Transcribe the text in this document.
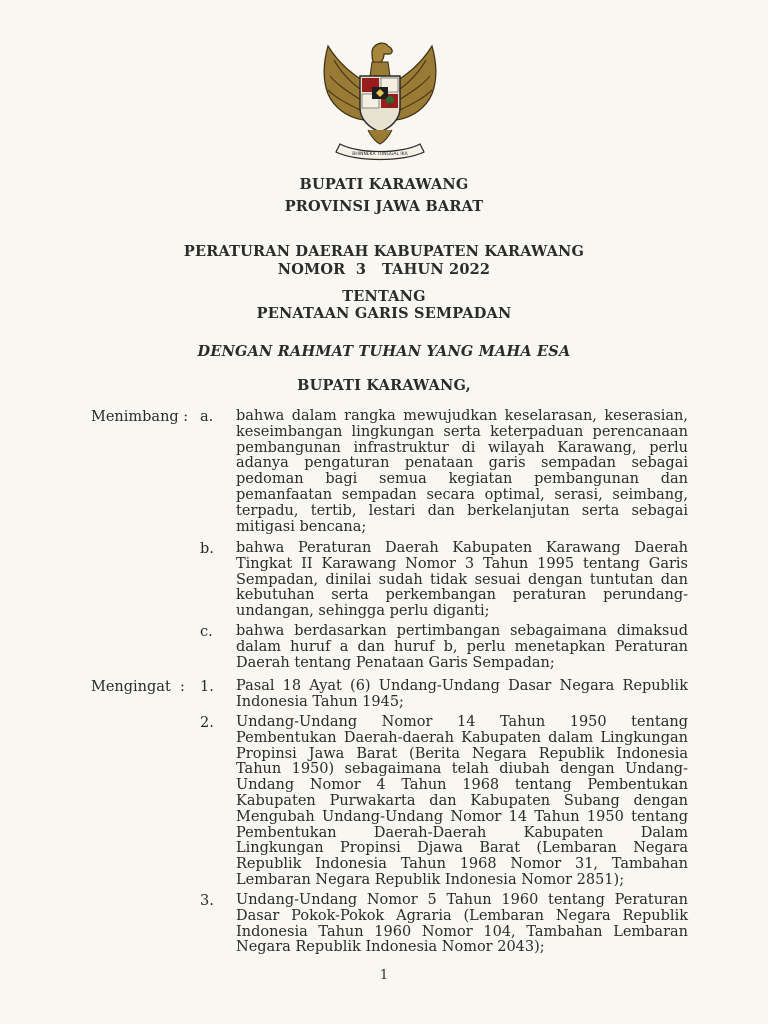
BHINNEKA TUNGGAL IKA
BUPATI KARAWANG
PROVINSI JAWA BARAT
PERATURAN DAERAH KABUPATEN KARAWANG
NOMOR  3   TAHUN 2022
TENTANG
PENATAAN GARIS SEMPADAN
DENGAN RAHMAT TUHAN YANG MAHA ESA
BUPATI KARAWANG,
Menimbang : a. bahwa dalam rangka mewujudkan keselarasan, keserasian,
keseimbangan lingkungan serta keterpaduan perencanaan
pembangunan infrastruktur di wilayah Karawang, perlu
adanya pengaturan penataan garis sempadan sebagai
pedoman bagi semua kegiatan pembangunan dan
pemanfaatan sempadan secara optimal, serasi, seimbang,
terpadu, tertib, lestari dan berkelanjutan serta sebagai
mitigasi bencana;
b. bahwa Peraturan Daerah Kabupaten Karawang Daerah
Tingkat II Karawang Nomor 3 Tahun 1995 tentang Garis
Sempadan, dinilai sudah tidak sesuai dengan tuntutan dan
kebutuhan serta perkembangan peraturan perundang-
undangan, sehingga perlu diganti;
c. bahwa berdasarkan pertimbangan sebagaimana dimaksud
dalam huruf a dan huruf b, perlu menetapkan Peraturan
Daerah tentang Penataan Garis Sempadan;
Mengingat  : 1. Pasal 18 Ayat (6) Undang-Undang Dasar Negara Republik
Indonesia Tahun 1945;
2. Undang-Undang Nomor 14 Tahun 1950 tentang
Pembentukan Daerah-daerah Kabupaten dalam Lingkungan
Propinsi Jawa Barat (Berita Negara Republik Indonesia
Tahun 1950) sebagaimana telah diubah dengan Undang-
Undang Nomor 4 Tahun 1968 tentang Pembentukan
Kabupaten Purwakarta dan Kabupaten Subang dengan
Mengubah Undang-Undang Nomor 14 Tahun 1950 tentang
Pembentukan Daerah-Daerah Kabupaten Dalam
Lingkungan Propinsi Djawa Barat (Lembaran Negara
Republik Indonesia Tahun 1968 Nomor 31, Tambahan
Lembaran Negara Republik Indonesia Nomor 2851);
3. Undang-Undang Nomor 5 Tahun 1960 tentang Peraturan
Dasar Pokok-Pokok Agraria (Lembaran Negara Republik
Indonesia Tahun 1960 Nomor 104, Tambahan Lembaran
Negara Republik Indonesia Nomor 2043);
1
